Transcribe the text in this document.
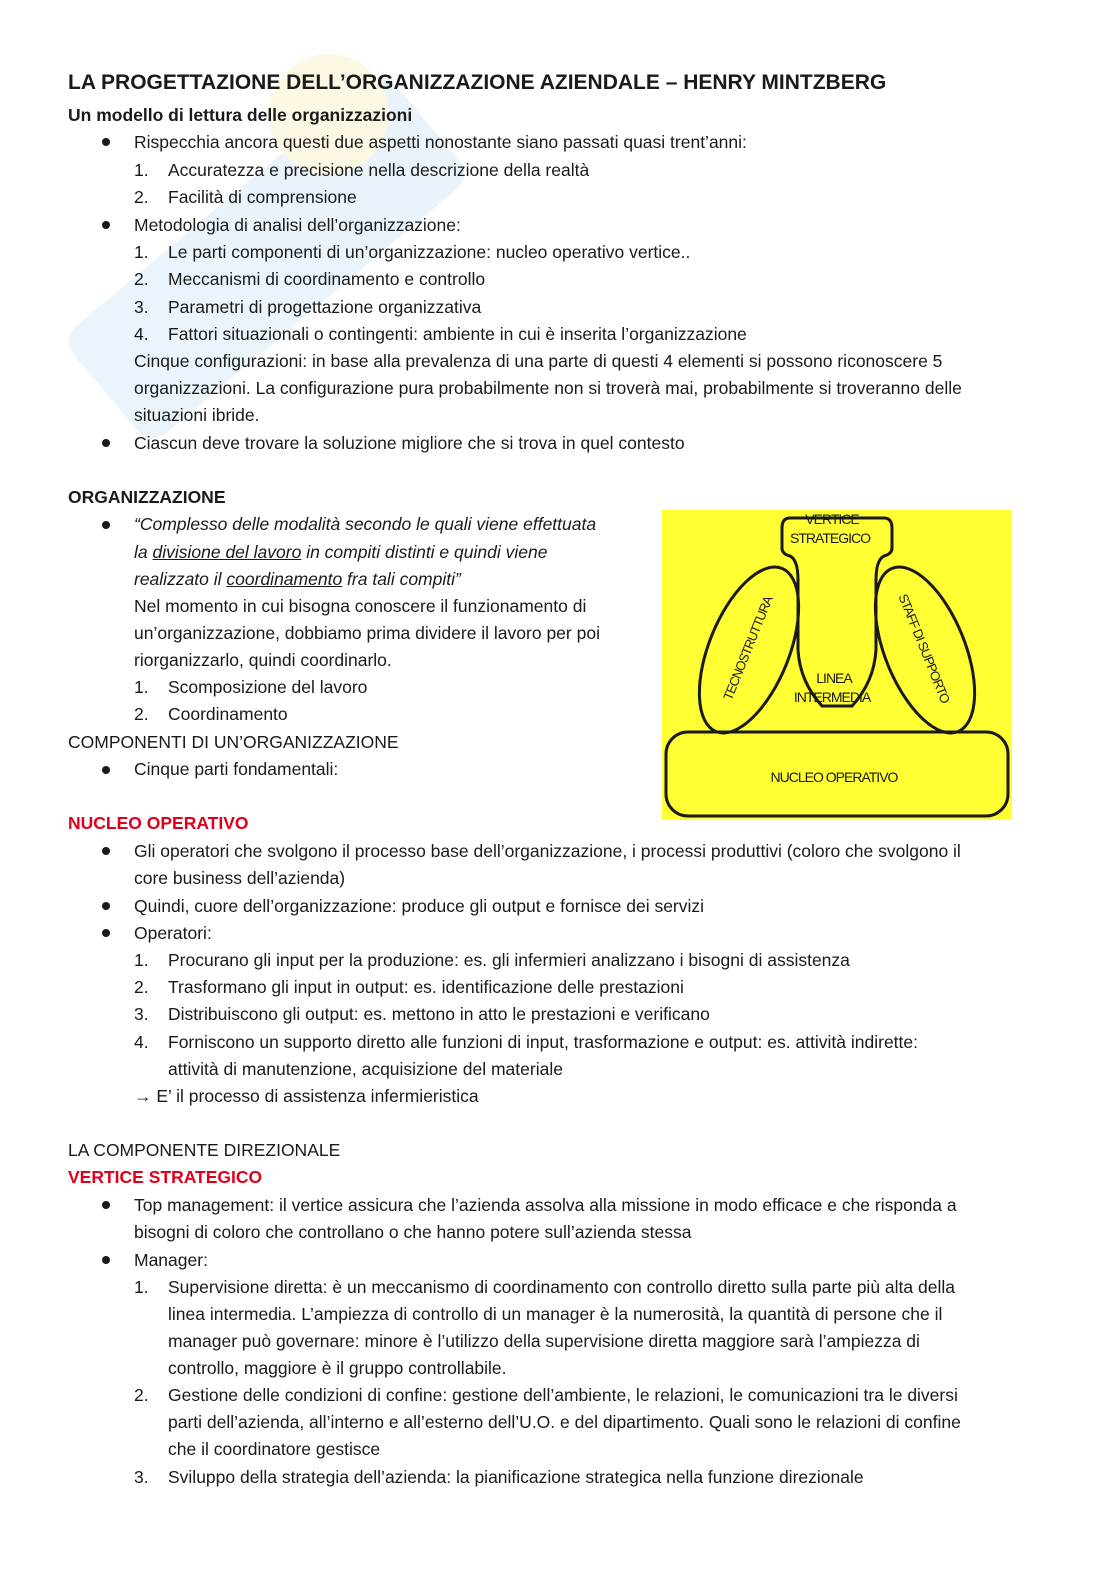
LA PROGETTAZIONE DELL’ORGANIZZAZIONE AZIENDALE – HENRY MINTZBERG
Un modello di lettura delle organizzazioni
Rispecchia ancora questi due aspetti nonostante siano passati quasi trent’anni:
1. Accuratezza e precisione nella descrizione della realtà
2. Facilità di comprensione
Metodologia di analisi dell’organizzazione:
1. Le parti componenti di un’organizzazione: nucleo operativo vertice..
2. Meccanismi di coordinamento e controllo
3. Parametri di progettazione organizzativa
4. Fattori situazionali o contingenti: ambiente in cui è inserita l’organizzazione
Cinque configurazioni: in base alla prevalenza di una parte di questi 4 elementi si possono riconoscere 5
organizzazioni. La configurazione pura probabilmente non si troverà mai, probabilmente si troveranno delle
situazioni ibride.
Ciascun deve trovare la soluzione migliore che si trova in quel contesto
ORGANIZZAZIONE
“Complesso delle modalità secondo le quali viene effettuata
la divisione del lavoro in compiti distinti e quindi viene
realizzato il coordinamento fra tali compiti”
Nel momento in cui bisogna conoscere il funzionamento di
un’organizzazione, dobbiamo prima dividere il lavoro per poi
riorganizzarlo, quindi coordinarlo.
1. Scomposizione del lavoro
2. Coordinamento
COMPONENTI DI UN’ORGANIZZAZIONE
Cinque parti fondamentali:
VERTICE
STRATEGICO
TECNOSTRUTTURA	STAFF DI SUPPORTO
LINEA
INTERMEDIA
NUCLEO OPERATIVO
NUCLEO OPERATIVO
Gli operatori che svolgono il processo base dell’organizzazione, i processi produttivi (coloro che svolgono il
core business dell’azienda)
Quindi, cuore dell’organizzazione: produce gli output e fornisce dei servizi
Operatori:
1. Procurano gli input per la produzione: es. gli infermieri analizzano i bisogni di assistenza
2. Trasformano gli input in output: es. identificazione delle prestazioni
3. Distribuiscono gli output: es. mettono in atto le prestazioni e verificano
4. Forniscono un supporto diretto alle funzioni di input, trasformazione e output: es. attività indirette:
attività di manutenzione, acquisizione del materiale
→ E’ il processo di assistenza infermieristica
LA COMPONENTE DIREZIONALE
VERTICE STRATEGICO
Top management: il vertice assicura che l’azienda assolva alla missione in modo efficace e che risponda a
bisogni di coloro che controllano o che hanno potere sull’azienda stessa
Manager:
1. Supervisione diretta: è un meccanismo di coordinamento con controllo diretto sulla parte più alta della
linea intermedia. L’ampiezza di controllo di un manager è la numerosità, la quantità di persone che il
manager può governare: minore è l’utilizzo della supervisione diretta maggiore sarà l’ampiezza di
controllo, maggiore è il gruppo controllabile.
2. Gestione delle condizioni di confine: gestione dell’ambiente, le relazioni, le comunicazioni tra le diversi
parti dell’azienda, all’interno e all’esterno dell’U.O. e del dipartimento. Quali sono le relazioni di confine
che il coordinatore gestisce
3. Sviluppo della strategia dell’azienda: la pianificazione strategica nella funzione direzionale
